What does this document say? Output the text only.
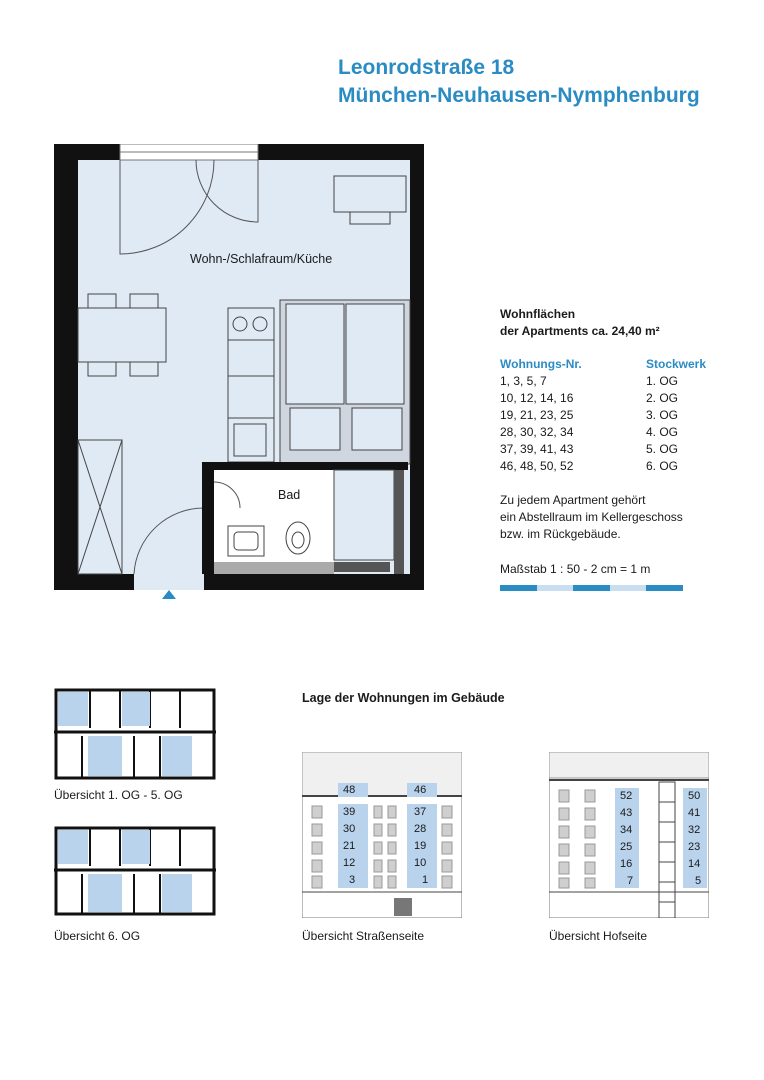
Leonrodstraße 18
München-Neuhausen-Nymphenburg
Wohn-/Schlafraum/Küche
Bad
Wohnflächen
der Apartments ca. 24,40 m²
Wohnungs-Nr.	Stockwerk
1, 3, 5, 7	1. OG
10, 12, 14, 16	2. OG
19, 21, 23, 25	3. OG
28, 30, 32, 34	4. OG
37, 39, 41, 43	5. OG
46, 48, 50, 52	6. OG
Zu jedem Apartment gehört
ein Abstellraum im Kellergeschoss
bzw. im Rückgebäude.
Maßstab 1 : 50 - 2 cm = 1 m
Übersicht 1. OG - 5. OG
Übersicht 6. OG
Lage der Wohnungen im Gebäude
48	46
39
30
21
12
3
37
28
19
10
1
Übersicht Straßenseite
52
43
34
25
16
7
50
41
32
23
14
5
Übersicht Hofseite
